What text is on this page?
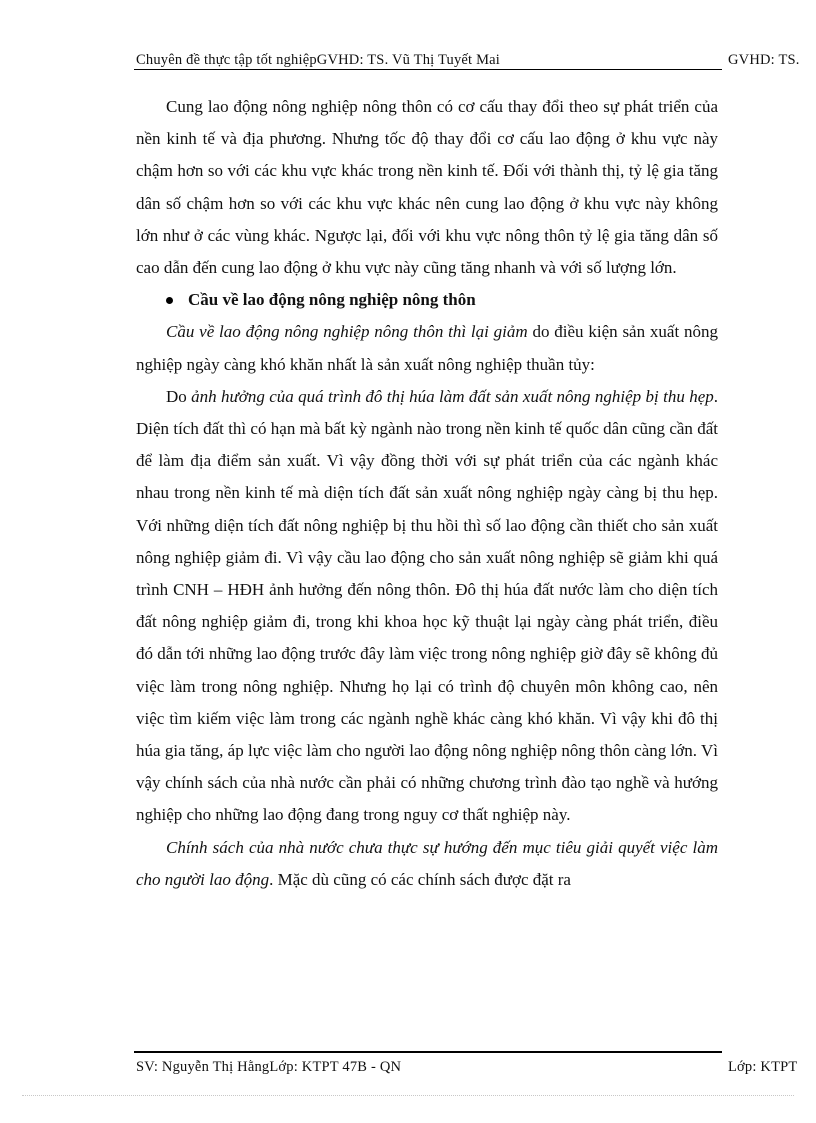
Chuyên đề thực tập tốt nghiệpGVHD: TS. Vũ Thị Tuyết Mai	GVHD: TS.

Cung lao động nông nghiệp nông thôn có cơ cấu thay đổi theo sự phát triển của nền kinh tế và địa phương. Nhưng tốc độ thay đổi cơ cấu lao động ở khu vực này chậm hơn so với các khu vực khác trong nền kinh tế. Đối với thành thị, tỷ lệ gia tăng dân số chậm hơn so với các khu vực khác nên cung lao động ở khu vực này không lớn như ở các vùng khác. Ngược lại, đối với khu vực nông thôn tỷ lệ gia tăng dân số cao dẫn đến cung lao động ở khu vực này cũng tăng nhanh và với số lượng lớn.

Cầu về lao động nông nghiệp nông thôn

Cầu về lao động nông nghiệp nông thôn thì lại giảm do điều kiện sản xuất nông nghiệp ngày càng khó khăn nhất là sản xuất nông nghiệp thuần tủy:

Do ảnh hưởng của quá trình đô thị húa làm đất sản xuất nông nghiệp bị thu hẹp. Diện tích đất thì có hạn mà bất kỳ ngành nào trong nền kinh tế quốc dân cũng cần đất để làm địa điểm sản xuất. Vì vậy đồng thời với sự phát triển của các ngành khác nhau trong nền kinh tế mà diện tích đất sản xuất nông nghiệp ngày càng bị thu hẹp. Với những diện tích đất nông nghiệp bị thu hồi thì số lao động cần thiết cho sản xuất nông nghiệp giảm đi. Vì vậy cầu lao động cho sản xuất nông nghiệp sẽ giảm khi quá trình CNH – HĐH ảnh hưởng đến nông thôn. Đô thị húa đất nước làm cho diện tích đất nông nghiệp giảm đi, trong khi khoa học kỹ thuật lại ngày càng phát triển, điều đó dẫn tới những lao động trước đây làm việc trong nông nghiệp giờ đây sẽ không đủ việc làm trong nông nghiệp. Nhưng họ lại có trình độ chuyên môn không cao, nên việc tìm kiếm việc làm trong các ngành nghề khác càng khó khăn. Vì vậy khi đô thị húa gia tăng, áp lực việc làm cho người lao động nông nghiệp nông thôn càng lớn. Vì vậy chính sách của nhà nước cần phải có những chương trình đào tạo nghề và hướng nghiệp cho những lao động đang trong nguy cơ thất nghiệp này.

Chính sách của nhà nước chưa thực sự hướng đến mục tiêu giải quyết việc làm cho người lao động. Mặc dù cũng có các chính sách được đặt ra

SV: Nguyễn Thị HằngLớp: KTPT 47B - QN	Lớp: KTPT
